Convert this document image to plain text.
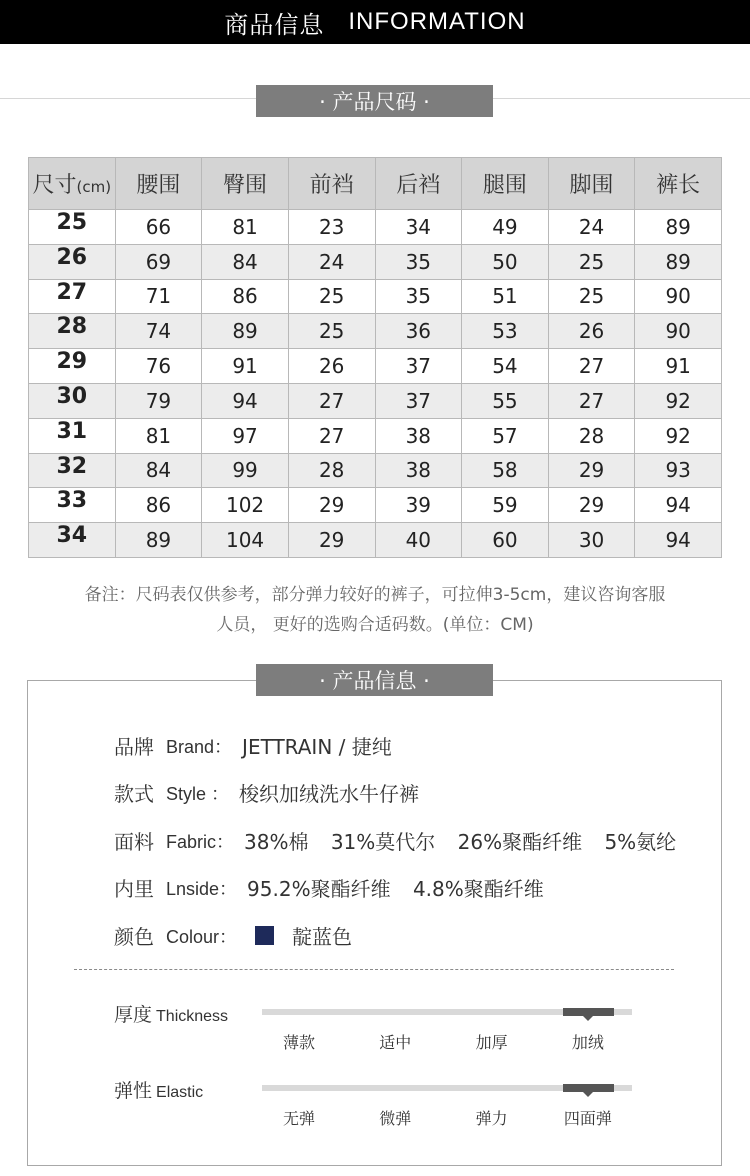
商品信息 INFORMATION
· 产品尺码 ·
尺寸(cm)	腰围	臀围	前裆	后裆	腿围	脚围	裤长
25	66	81	23	34	49	24	89
26	69	84	24	35	50	25	89
27	71	86	25	35	51	25	90
28	74	89	25	36	53	26	90
29	76	91	26	37	54	27	91
30	79	94	27	37	55	27	92
31	81	97	27	38	57	28	92
32	84	99	28	38	58	29	93
33	86	102	29	39	59	29	94
34	89	104	29	40	60	30	94
备注：尺码表仅供参考，部分弹力较好的裤子，可拉伸3-5cm，建议咨询客服
人员， 更好的选购合适码数。(单位：CM)
· 产品信息 ·
品牌 Brand： JETTRAIN / 捷纯
款式 Style ： 梭织加绒洗水牛仔裤
面料 Fabric： 38%棉 31%莫代尔 26%聚酯纤维 5%氨纶
内里 Lnside： 95.2%聚酯纤维 4.8%聚酯纤维
颜色 Colour：	靛蓝色
厚度 Thickness
薄款	适中	加厚	加绒
弹性 Elastic
无弹	微弹	弹力	四面弹
